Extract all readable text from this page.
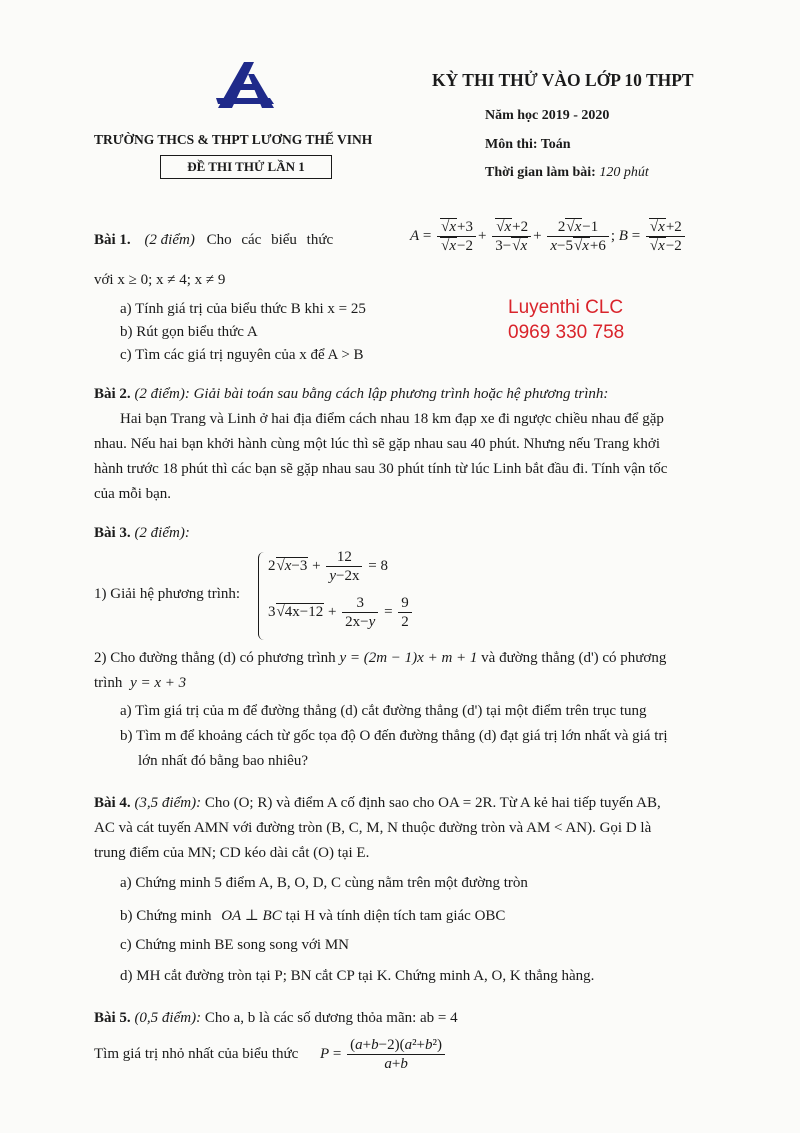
TRƯỜNG THCS & THPT LƯƠNG THẾ VINH
ĐỀ THI THỬ LẦN 1
KỲ THI THỬ VÀO LỚP 10 THPT
Năm học 2019 - 2020
Môn thi: Toán
Thời gian làm bài: 120 phút
Bài 1. (2 điểm) Cho các biểu thức	$A = \frac{√x+3}{√x-2} + \frac{√x+2}{3-√x} + \frac{2√x-1}{x-5√x+6}$ ; $B = \frac{√x+2}{√x-2}$
với x ≥ 0; x ≠ 4; x ≠ 9
a) Tính giá trị của biểu thức B khi x = 25
b) Rút gọn biểu thức A
c) Tìm các giá trị nguyên của x để A > B
Luyenthi CLC
0969 330 758
Bài 2. (2 điểm): Giải bài toán sau bằng cách lập phương trình hoặc hệ phương trình:
Hai bạn Trang và Linh ở hai địa điểm cách nhau 18 km đạp xe đi ngược chiều nhau để gặp
nhau. Nếu hai bạn khởi hành cùng một lúc thì sẽ gặp nhau sau 40 phút. Nhưng nếu Trang khởi
hành trước 18 phút thì các bạn sẽ gặp nhau sau 30 phút tính từ lúc Linh bắt đầu đi. Tính vận tốc
của mỗi bạn.
Bài 3. (2 điểm):
1) Giải hệ phương trình:
$2√x-3 + \frac{12}{y-2x} = 8$
$3√4x-12 + \frac{3}{2x-y} = \frac{9}{2}$
2) Cho đường thẳng (d) có phương trình y = (2m − 1)x + m + 1 và đường thẳng (d') có phương
trình y = x + 3
a) Tìm giá trị của m để đường thẳng (d) cắt đường thẳng (d') tại một điểm trên trục tung
b) Tìm m để khoảng cách từ gốc tọa độ O đến đường thẳng (d) đạt giá trị lớn nhất và giá trị
lớn nhất đó bằng bao nhiêu?
Bài 4. (3,5 điểm): Cho (O; R) và điểm A cố định sao cho OA = 2R. Từ A kẻ hai tiếp tuyến AB,
AC và cát tuyến AMN với đường tròn (B, C, M, N thuộc đường tròn và AM < AN). Gọi D là
trung điểm của MN; CD kéo dài cắt (O) tại E.
a) Chứng minh 5 điểm A, B, O, D, C cùng nằm trên một đường tròn
b) Chứng minh OA ⊥ BC tại H và tính diện tích tam giác OBC
c) Chứng minh BE song song với MN
d) MH cắt đường tròn tại P; BN cắt CP tại K. Chứng minh A, O, K thẳng hàng.
Bài 5. (0,5 điểm): Cho a, b là các số dương thỏa mãn: ab = 4
Tìm giá trị nhỏ nhất của biểu thức $P = \frac{\text{(a+b−2)(a²+b²)}}{a+b}$
